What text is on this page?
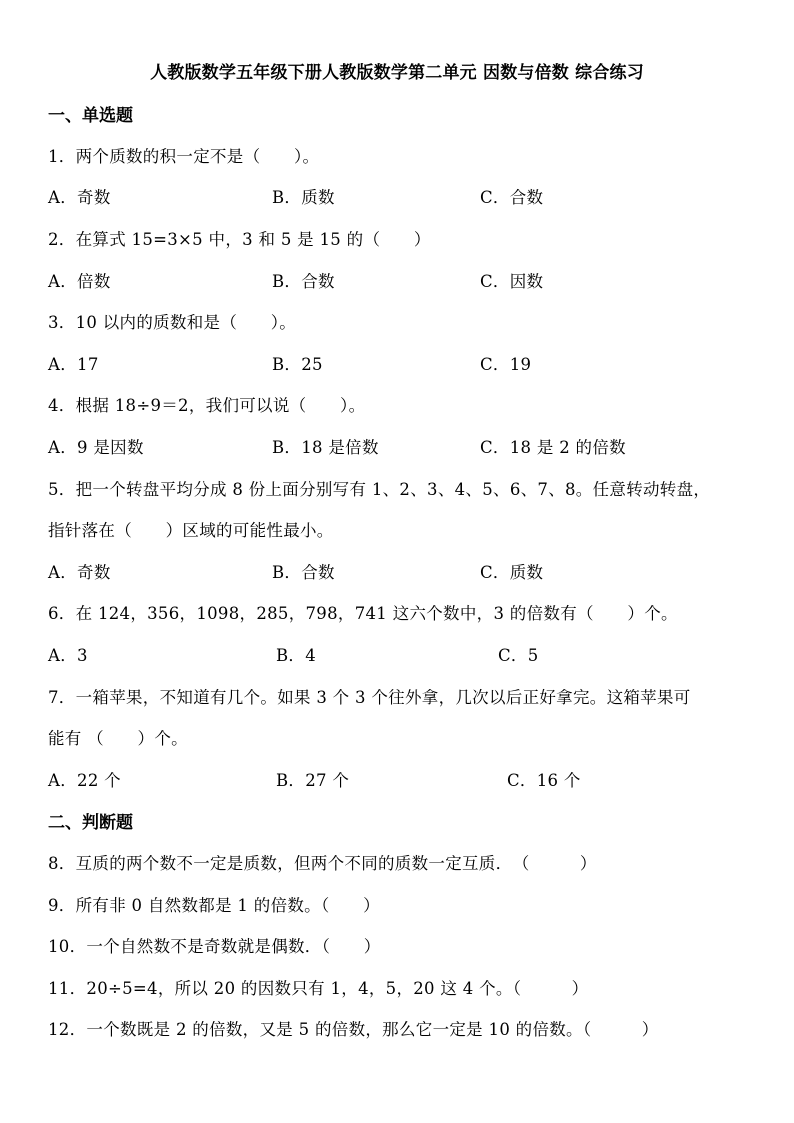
人教版数学五年级下册人教版数学第二单元 因数与倍数 综合练习
一、单选题
1．两个质数的积一定不是（　　）。
A．奇数	B．质数	C．合数
2．在算式 15=3×5 中，3 和 5 是 15 的（　　）
A．倍数	B．合数	C．因数
3．10 以内的质数和是（　　）。
A．17	B．25	C．19
4．根据 18÷9＝2，我们可以说（　　）。
A．9 是因数	B．18 是倍数	C．18 是 2 的倍数
5．把一个转盘平均分成 8 份上面分别写有 1、2、3、4、5、6、7、8。任意转动转盘，
指针落在（　　）区域的可能性最小。
A．奇数	B．合数	C．质数
6．在 124，356，1098，285，798，741 这六个数中，3 的倍数有（　　）个。
A．3	B．4	C．5
7．一箱苹果，不知道有几个。如果 3 个 3 个往外拿，几次以后正好拿完。这箱苹果可
能有 （　　）个。
A．22 个	B．27 个	C．16 个
二、判断题
8．互质的两个数不一定是质数，但两个不同的质数一定互质．　（　　　）
9．所有非 0 自然数都是 1 的倍数。（　　）
10．一个自然数不是奇数就是偶数．（　　）
11．20÷5=4，所以 20 的因数只有 1，4，5，20 这 4 个。（　　　）
12．一个数既是 2 的倍数，又是 5 的倍数，那么它一定是 10 的倍数。（　　　）
